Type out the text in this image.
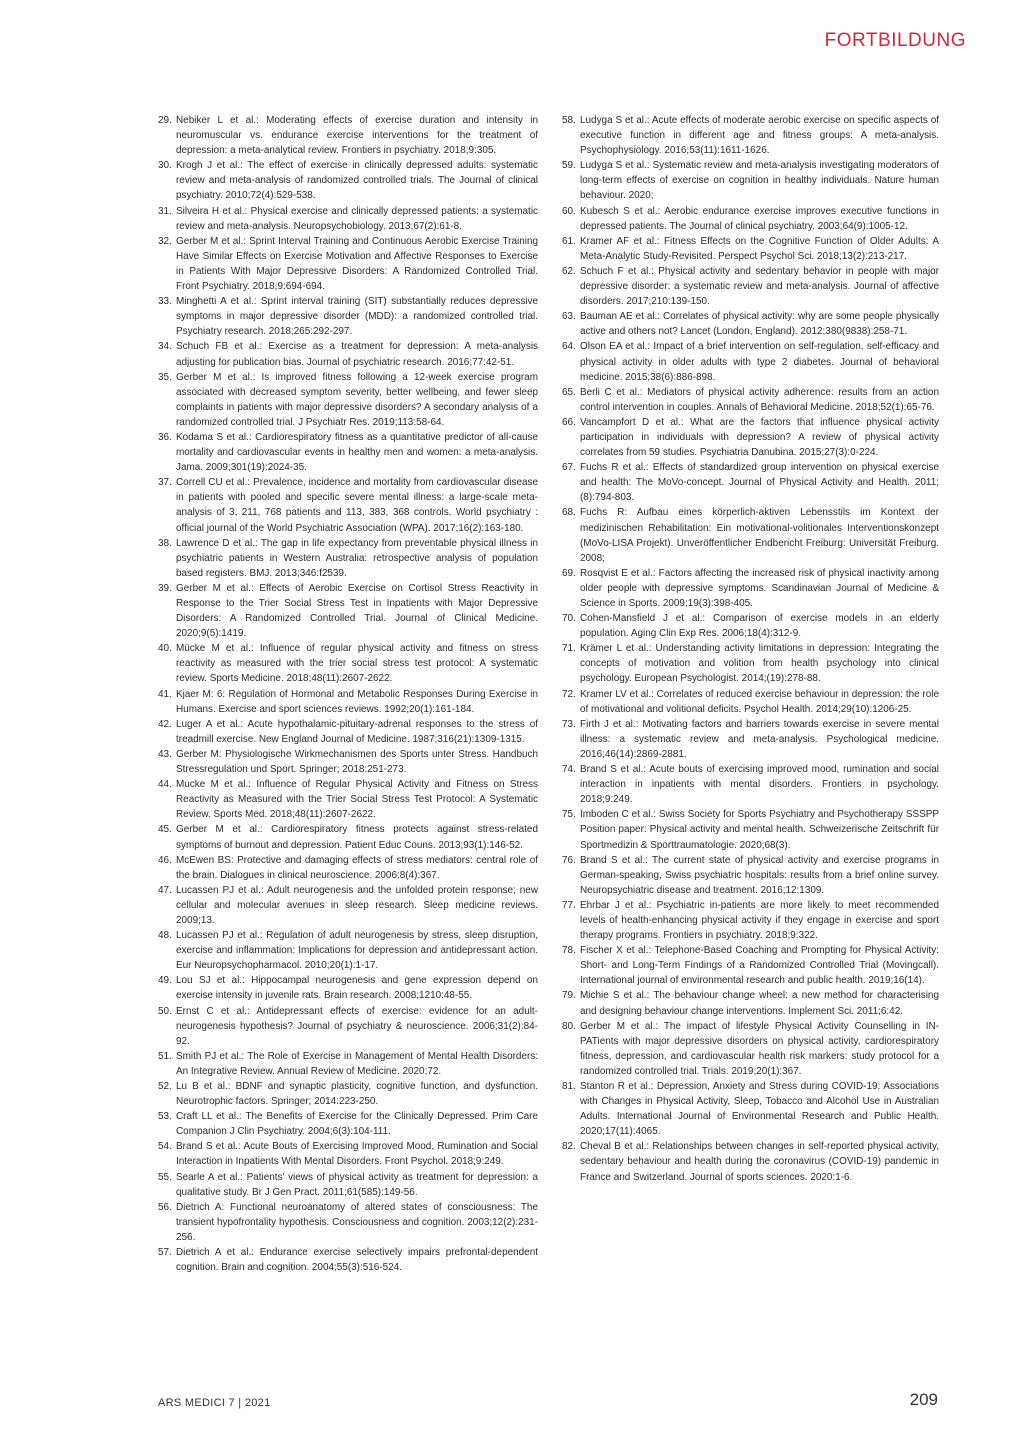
FORTBILDUNG

29. Nebiker L et al.: Moderating effects of exercise duration and intensity in neuromuscular vs. endurance exercise interventions for the treatment of depression: a meta-analytical review. Frontiers in psychiatry. 2018;9:305.

30. Krogh J et al.: The effect of exercise in clinically depressed adults: systematic review and meta-analysis of randomized controlled trials. The Journal of clinical psychiatry. 2010;72(4):529-538.

31. Silveira H et al.: Physical exercise and clinically depressed patients: a systematic review and meta-analysis. Neuropsychobiology. 2013;67(2):61-8.

32. Gerber M et al.: Sprint Interval Training and Continuous Aerobic Exercise Training Have Similar Effects on Exercise Motivation and Affective Responses to Exercise in Patients With Major Depressive Disorders: A Randomized Controlled Trial. Front Psychiatry. 2018;9:694-694.

33. Minghetti A et al.: Sprint interval training (SIT) substantially reduces depressive symptoms in major depressive disorder (MDD): a randomized controlled trial. Psychiatry research. 2018;265:292-297.

34. Schuch FB et al.: Exercise as a treatment for depression: A meta-analysis adjusting for publication bias. Journal of psychiatric research. 2016;77:42-51.

35. Gerber M et al.: Is improved fitness following a 12-week exercise program associated with decreased symptom severity, better wellbeing, and fewer sleep complaints in patients with major depressive disorders? A secondary analysis of a randomized controlled trial. J Psychiatr Res. 2019;113:58-64.

36. Kodama S et al.: Cardiorespiratory fitness as a quantitative predictor of all-cause mortality and cardiovascular events in healthy men and women: a meta-analysis. Jama. 2009;301(19):2024-35.

37. Correll CU et al.: Prevalence, incidence and mortality from cardiovascular disease in patients with pooled and specific severe mental illness: a large-scale meta-analysis of 3, 211, 768 patients and 113, 383, 368 controls. World psychiatry : official journal of the World Psychiatric Association (WPA). 2017;16(2):163-180.

38. Lawrence D et al.: The gap in life expectancy from preventable physical illness in psychiatric patients in Western Australia: retrospective analysis of population based registers. BMJ. 2013;346:f2539.

39. Gerber M et al.: Effects of Aerobic Exercise on Cortisol Stress Reactivity in Response to the Trier Social Stress Test in Inpatients with Major Depressive Disorders: A Randomized Controlled Trial. Journal of Clinical Medicine. 2020;9(5):1419.

40. Mücke M et al.: Influence of regular physical activity and fitness on stress reactivity as measured with the trier social stress test protocol: A systematic review. Sports Medicine. 2018;48(11):2607-2622.

41. Kjaer M: 6: Regulation of Hormonal and Metabolic Responses During Exercise in Humans. Exercise and sport sciences reviews. 1992;20(1):161-184.

42. Luger A et al.: Acute hypothalamic-pituitary-adrenal responses to the stress of treadmill exercise. New England Journal of Medicine. 1987;316(21):1309-1315.

43. Gerber M: Physiologische Wirkmechanismen des Sports unter Stress. Handbuch Stressregulation und Sport. Springer; 2018:251-273.

44. Mucke M et al.: Influence of Regular Physical Activity and Fitness on Stress Reactivity as Measured with the Trier Social Stress Test Protocol: A Systematic Review. Sports Med. 2018;48(11):2607-2622.

45. Gerber M et al.: Cardiorespiratory fitness protects against stress-related symptoms of burnout and depression. Patient Educ Couns. 2013;93(1):146-52.

46. McEwen BS: Protective and damaging effects of stress mediators: central role of the brain. Dialogues in clinical neuroscience. 2006;8(4):367.

47. Lucassen PJ et al.: Adult neurogenesis and the unfolded protein response; new cellular and molecular avenues in sleep research. Sleep medicine reviews. 2009;13.

48. Lucassen PJ et al.: Regulation of adult neurogenesis by stress, sleep disruption, exercise and inflammation: Implications for depression and antidepressant action. Eur Neuropsychopharmacol. 2010;20(1):1-17.

49. Lou SJ et al.: Hippocampal neurogenesis and gene expression depend on exercise intensity in juvenile rats. Brain research. 2008;1210:48-55.

50. Ernst C et al.: Antidepressant effects of exercise: evidence for an adult-neurogenesis hypothesis? Journal of psychiatry & neuroscience. 2006;31(2):84-92.

51. Smith PJ et al.: The Role of Exercise in Management of Mental Health Disorders: An Integrative Review. Annual Review of Medicine. 2020;72.

52. Lu B et al.: BDNF and synaptic plasticity, cognitive function, and dysfunction. Neurotrophic factors. Springer; 2014:223-250.

53. Craft LL et al.: The Benefits of Exercise for the Clinically Depressed. Prim Care Companion J Clin Psychiatry. 2004;6(3):104-111.

54. Brand S et al.: Acute Bouts of Exercising Improved Mood, Rumination and Social Interaction in Inpatients With Mental Disorders. Front Psychol. 2018;9:249.

55. Searle A et al.: Patients' views of physical activity as treatment for depression: a qualitative study. Br J Gen Pract. 2011;61(585):149-56.

56. Dietrich A: Functional neuroanatomy of altered states of consciousness: The transient hypofrontality hypothesis. Consciousness and cognition. 2003;12(2):231-256.

57. Dietrich A et al.: Endurance exercise selectively impairs prefrontal-dependent cognition. Brain and cognition. 2004;55(3):516-524.

58. Ludyga S et al.: Acute effects of moderate aerobic exercise on specific aspects of executive function in different age and fitness groups: A meta-analysis. Psychophysiology. 2016;53(11):1611-1626.

59. Ludyga S et al.: Systematic review and meta-analysis investigating moderators of long-term effects of exercise on cognition in healthy individuals. Nature human behaviour. 2020;

60. Kubesch S et al.: Aerobic endurance exercise improves executive functions in depressed patients. The Journal of clinical psychiatry. 2003;64(9):1005-12.

61. Kramer AF et al.: Fitness Effects on the Cognitive Function of Older Adults: A Meta-Analytic Study-Revisited. Perspect Psychol Sci. 2018;13(2):213-217.

62. Schuch F et al.: Physical activity and sedentary behavior in people with major depressive disorder: a systematic review and meta-analysis. Journal of affective disorders. 2017;210:139-150.

63. Bauman AE et al.: Correlates of physical activity: why are some people physically active and others not? Lancet (London, England). 2012;380(9838):258-71.

64. Olson EA et al.: Impact of a brief intervention on self-regulation, self-efficacy and physical activity in older adults with type 2 diabetes. Journal of behavioral medicine. 2015;38(6):886-898.

65. Berli C et al.: Mediators of physical activity adherence: results from an action control intervention in couples. Annals of Behavioral Medicine. 2018;52(1):65-76.

66. Vancampfort D et al.: What are the factors that influence physical activity participation in individuals with depression? A review of physical activity correlates from 59 studies. Psychiatria Danubina. 2015;27(3):0-224.

67. Fuchs R et al.: Effects of standardized group intervention on physical exercise and health: The MoVo-concept. Journal of Physical Activity and Health. 2011;(8):794-803.

68. Fuchs R: Aufbau eines körperlich-aktiven Lebensstils im Kontext der medizinischen Rehabilitation: Ein motivational-volitionales Interventionskonzept (MoVo-LISA Projekt). Unveröffentlicher Endbericht Freiburg: Universität Freiburg. 2008;

69. Rosqvist E et al.: Factors affecting the increased risk of physical inactivity among older people with depressive symptoms. Scandinavian Journal of Medicine & Science in Sports. 2009;19(3):398-405.

70. Cohen-Mansfield J et al.: Comparison of exercise models in an elderly population. Aging Clin Exp Res. 2006;18(4):312-9.

71. Krämer L et al.: Understanding activity limitations in depression: Integrating the concepts of motivation and volition from health psychology into clinical psychology. European Psychologist. 2014;(19):278-88.

72. Kramer LV et al.: Correlates of reduced exercise behaviour in depression: the role of motivational and volitional deficits. Psychol Health. 2014;29(10):1206-25.

73. Firth J et al.: Motivating factors and barriers towards exercise in severe mental illness: a systematic review and meta-analysis. Psychological medicine. 2016;46(14):2869-2881.

74. Brand S et al.: Acute bouts of exercising improved mood, rumination and social interaction in inpatients with mental disorders. Frontiers in psychology. 2018;9:249.

75. Imboden C et al.: Swiss Society for Sports Psychiatry and Psychotherapy SSSPP Position paper: Physical activity and mental health. Schweizerische Zeitschrift für Sportmedizin & Sporttraumatologie. 2020;68(3).

76. Brand S et al.: The current state of physical activity and exercise programs in German-speaking, Swiss psychiatric hospitals: results from a brief online survey. Neuropsychiatric disease and treatment. 2016;12:1309.

77. Ehrbar J et al.: Psychiatric in-patients are more likely to meet recommended levels of health-enhancing physical activity if they engage in exercise and sport therapy programs. Frontiers in psychiatry. 2018;9:322.

78. Fischer X et al.: Telephone-Based Coaching and Prompting for Physical Activity: Short- and Long-Term Findings of a Randomized Controlled Trial (Movingcall). International journal of environmental research and public health. 2019;16(14).

79. Michie S et al.: The behaviour change wheel: a new method for characterising and designing behaviour change interventions. Implement Sci. 2011;6:42.

80. Gerber M et al.: The impact of lifestyle Physical Activity Counselling in IN-PATients with major depressive disorders on physical activity, cardiorespiratory fitness, depression, and cardiovascular health risk markers: study protocol for a randomized controlled trial. Trials. 2019;20(1):367.

81. Stanton R et al.: Depression, Anxiety and Stress during COVID-19: Associations with Changes in Physical Activity, Sleep, Tobacco and Alcohol Use in Australian Adults. International Journal of Environmental Research and Public Health. 2020;17(11):4065.

82. Cheval B et al.: Relationships between changes in self-reported physical activity, sedentary behaviour and health during the coronavirus (COVID-19) pandemic in France and Switzerland. Journal of sports sciences. 2020:1-6.

ARS MEDICI 7 | 2021	209
